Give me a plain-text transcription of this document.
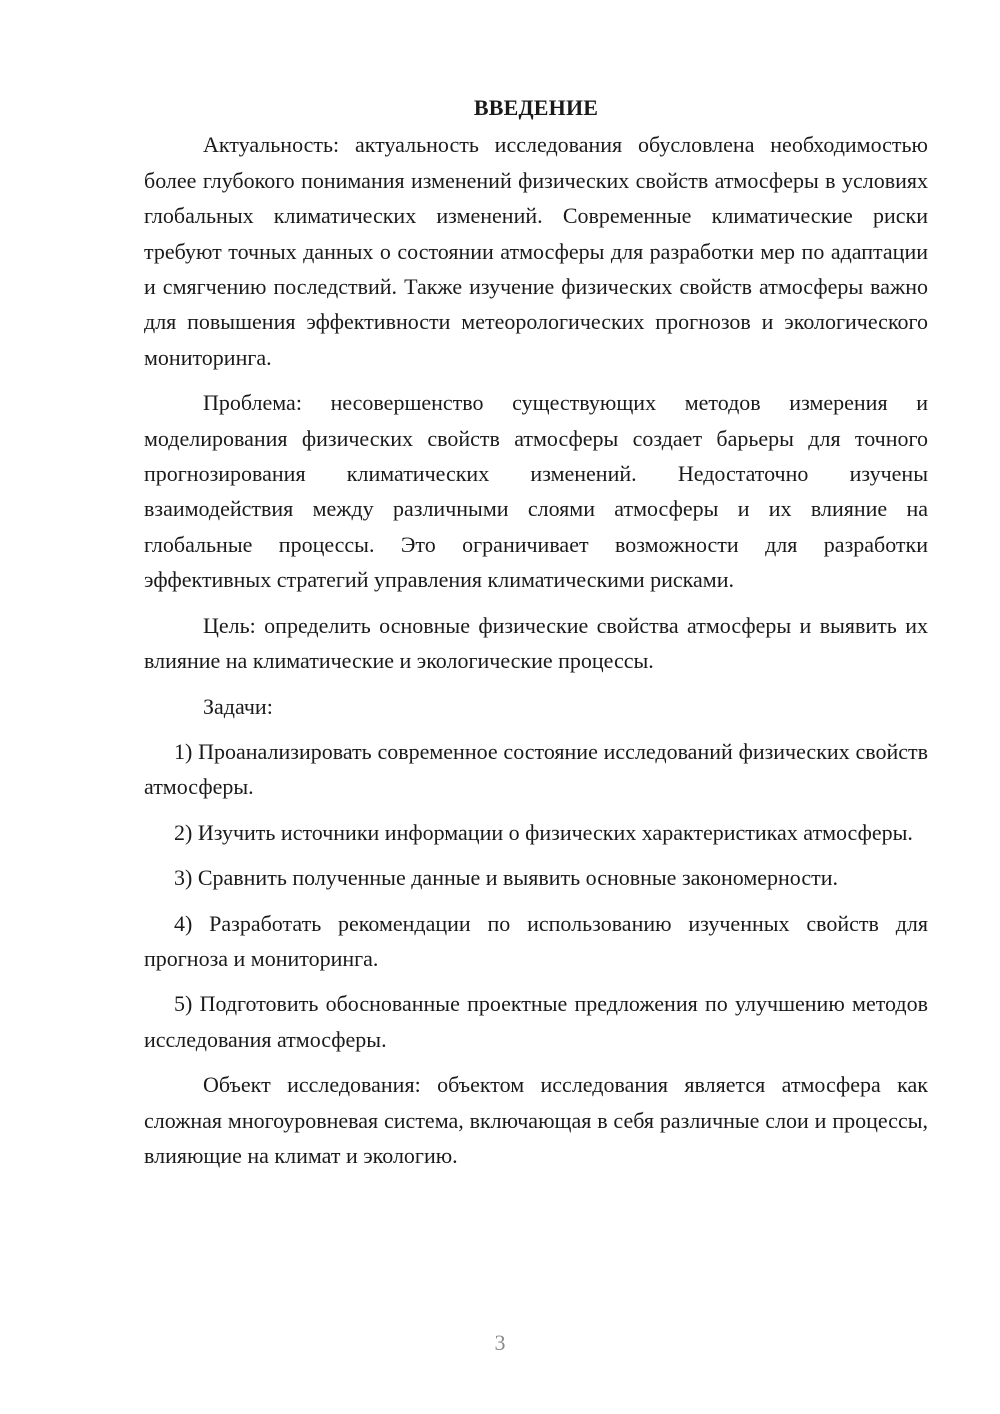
ВВЕДЕНИЕ

Актуальность: актуальность исследования обусловлена необходимостью более глубокого понимания изменений физических свойств атмосферы в условиях глобальных климатических изменений. Современные климатические риски требуют точных данных о состоянии атмосферы для разработки мер по адаптации и смягчению последствий. Также изучение физических свойств атмосферы важно для повышения эффективности метеорологических прогнозов и экологического мониторинга.

Проблема: несовершенство существующих методов измерения и моделирования физических свойств атмосферы создает барьеры для точного прогнозирования климатических изменений. Недостаточно изучены взаимодействия между различными слоями атмосферы и их влияние на глобальные процессы. Это ограничивает возможности для разработки эффективных стратегий управления климатическими рисками.

Цель: определить основные физические свойства атмосферы и выявить их влияние на климатические и экологические процессы.

Задачи:

1) Проанализировать современное состояние исследований физических свойств атмосферы.

2) Изучить источники информации о физических характеристиках атмосферы.

3) Сравнить полученные данные и выявить основные закономерности.

4) Разработать рекомендации по использованию изученных свойств для прогноза и мониторинга.

5) Подготовить обоснованные проектные предложения по улучшению методов исследования атмосферы.

Объект исследования: объектом исследования является атмосфера как сложная многоуровневая система, включающая в себя различные слои и процессы, влияющие на климат и экологию.

3
